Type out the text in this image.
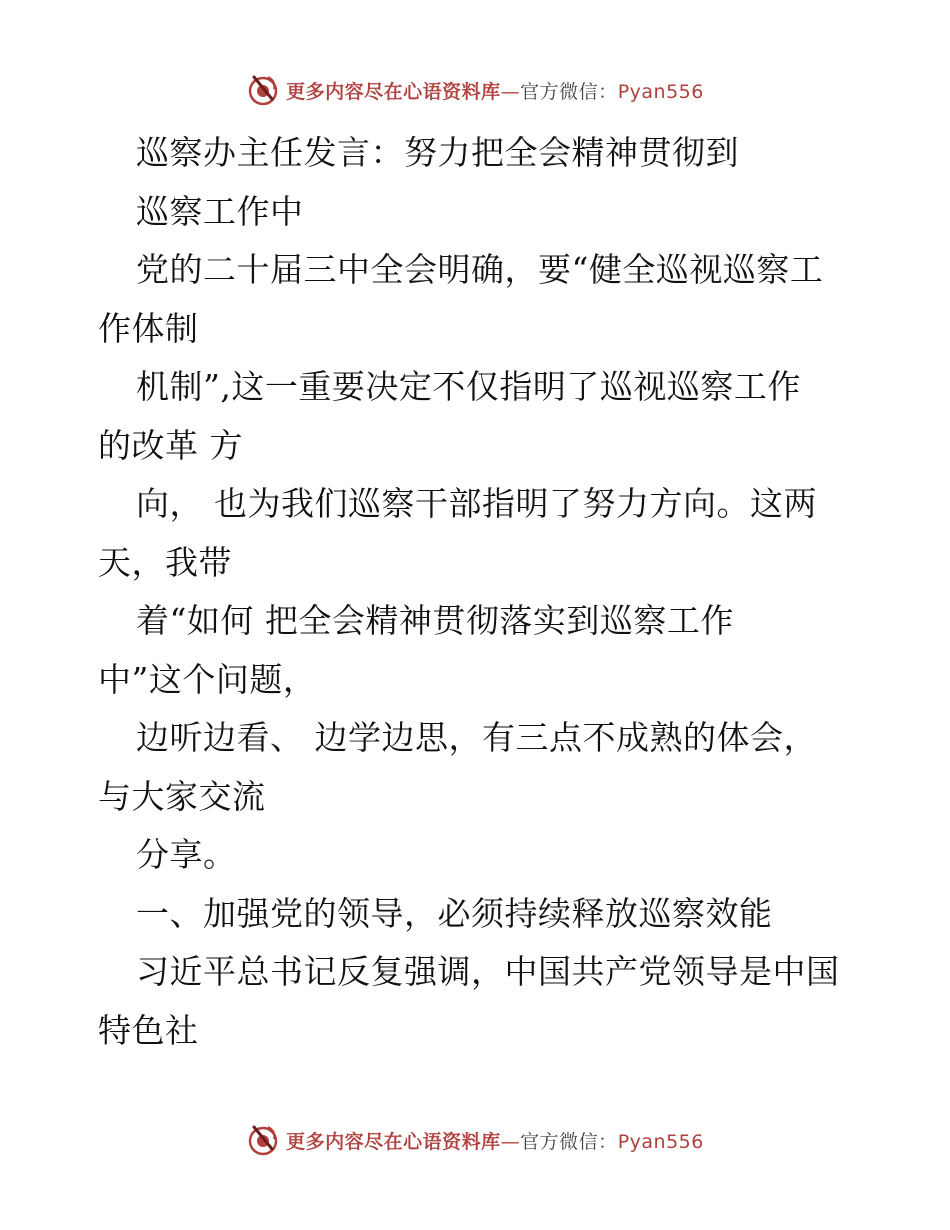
更多内容尽在心语资料库—官方微信：Pyan556
巡察办主任发言：努力把全会精神贯彻到
巡察工作中
党的二十届三中全会明确，要“健全巡视巡察工
作体制
机制”,这一重要决定不仅指明了巡视巡察工作
的改革 方
向， 也为我们巡察干部指明了努力方向。这两
天，我带
着“如何 把全会精神贯彻落实到巡察工作
中”这个问题，
边听边看、 边学边思，有三点不成熟的体会，
与大家交流
分享。
一、加强党的领导，必须持续释放巡察效能
习近平总书记反复强调，中国共产党领导是中国
特色社
更多内容尽在心语资料库—官方微信：Pyan556
